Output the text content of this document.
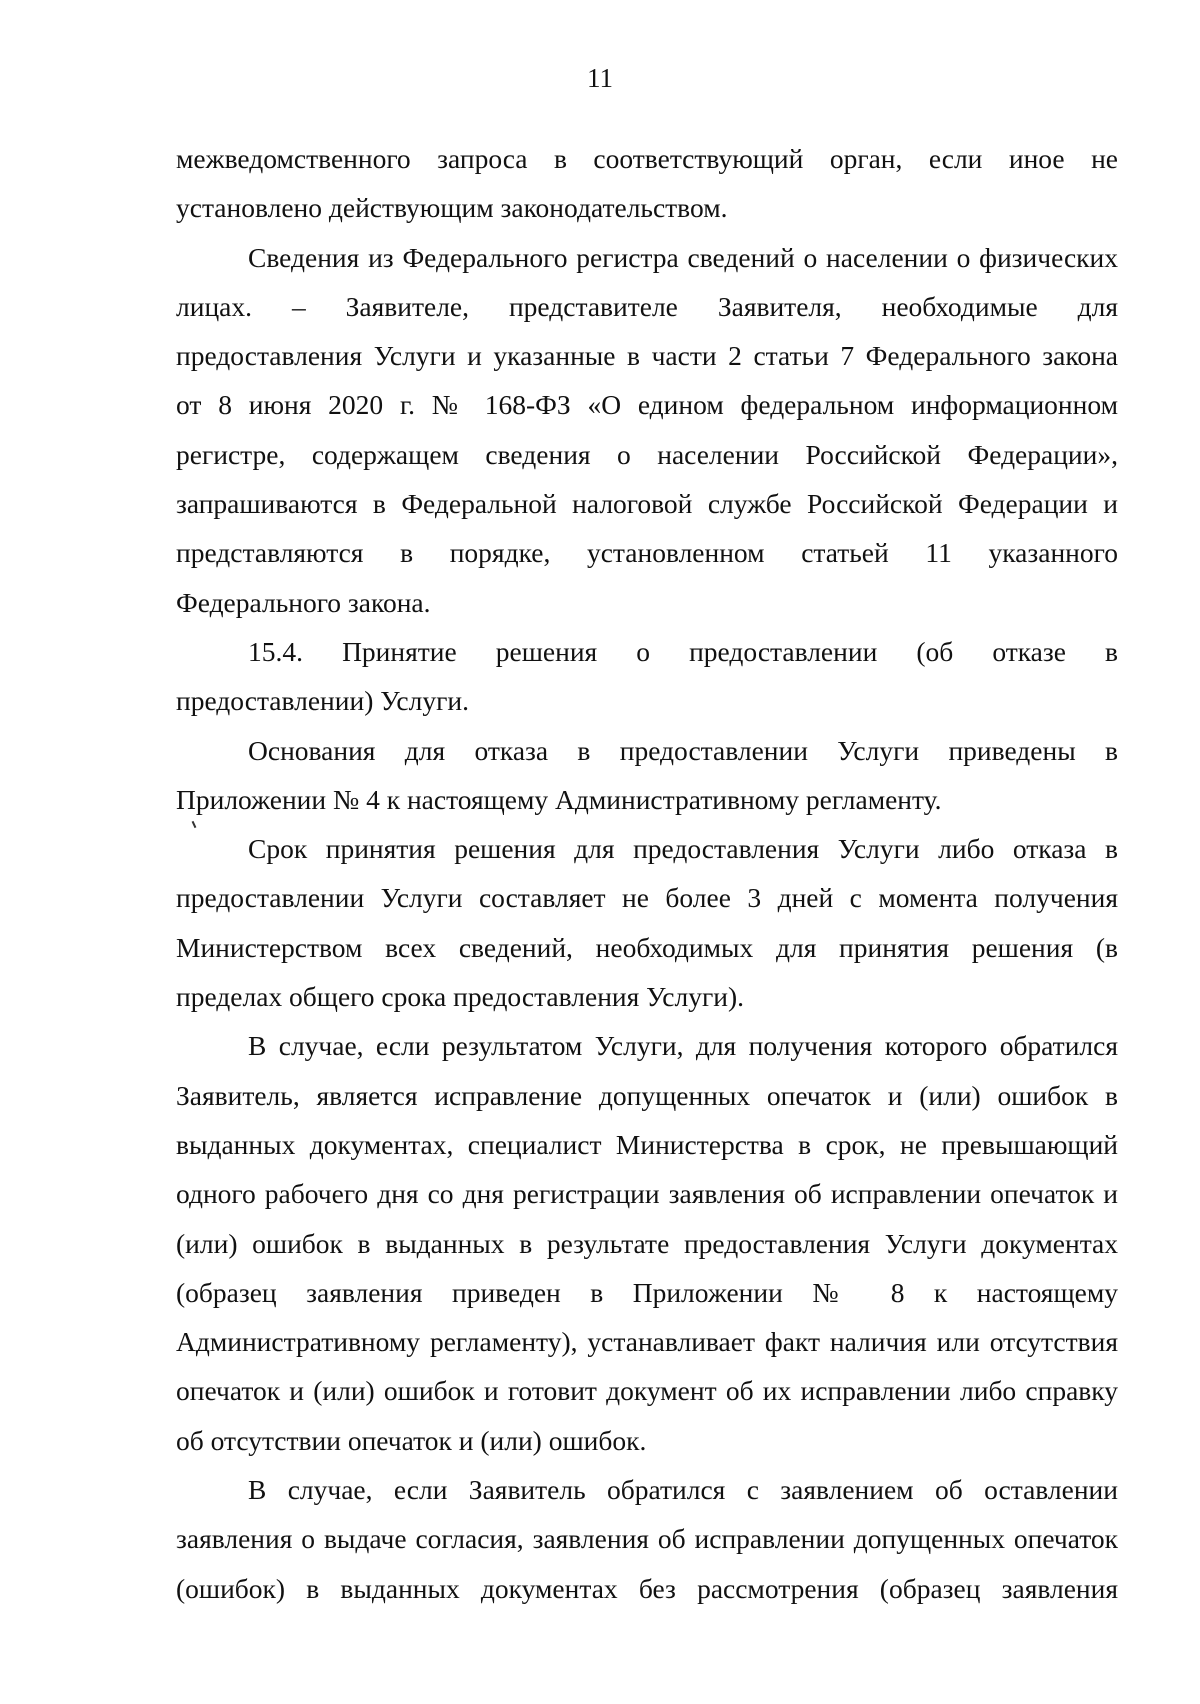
11
межведомственного запроса в соответствующий орган, если иное не
установлено действующим законодательством.
Сведения из Федерального регистра сведений о населении о физических
лицах. – Заявителе, представителе Заявителя, необходимые для
предоставления Услуги и указанные в части 2 статьи 7 Федерального закона
от 8 июня 2020 г. № 168-ФЗ «О едином федеральном информационном
регистре, содержащем сведения о населении Российской Федерации»,
запрашиваются в Федеральной налоговой службе Российской Федерации и
представляются в порядке, установленном статьей 11 указанного
Федерального закона.
15.4. Принятие решения о предоставлении (об отказе в
предоставлении) Услуги.
Основания для отказа в предоставлении Услуги приведены в
Приложении № 4 к настоящему Административному регламенту.
Срок принятия решения для предоставления Услуги либо отказа в
предоставлении Услуги составляет не более 3 дней с момента получения
Министерством всех сведений, необходимых для принятия решения (в
пределах общего срока предоставления Услуги).
В случае, если результатом Услуги, для получения которого обратился
Заявитель, является исправление допущенных опечаток и (или) ошибок в
выданных документах, специалист Министерства в срок, не превышающий
одного рабочего дня со дня регистрации заявления об исправлении опечаток и
(или) ошибок в выданных в результате предоставления Услуги документах
(образец заявления приведен в Приложении № 8 к настоящему
Административному регламенту), устанавливает факт наличия или отсутствия
опечаток и (или) ошибок и готовит документ об их исправлении либо справку
об отсутствии опечаток и (или) ошибок.
В случае, если Заявитель обратился с заявлением об оставлении
заявления о выдаче согласия, заявления об исправлении допущенных опечаток
(ошибок) в выданных документах без рассмотрения (образец заявления
